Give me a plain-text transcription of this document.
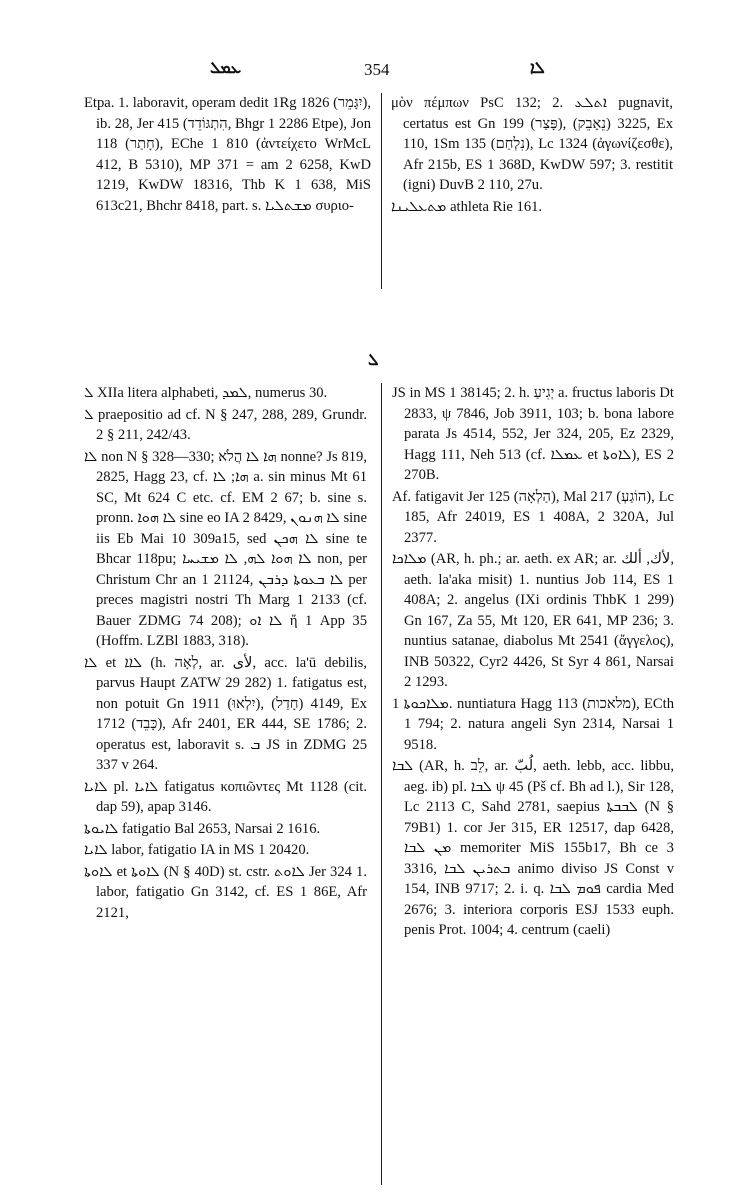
ܥܡܠ	354	ܠܐ

Etpa. 1. laboravit, operam dedit 1Rg 1826 (יִגָּמֵר), ib. 28, Jer 415 (הִתְגּוֹדֵד, Bhgr 1 2286 Etpe), Jon 118 (חָתַר), EChe 1 810 (ἀντείχετο WrMcL 412, B 5310), MP 371 = am 2 6258, KwD 1219, KwDW 18316, Thb K 1 638, MiS 613c21, Bhchr 8418, part. s. ܡܫܬܠܝܐ συριο-

μὸν πέμπων PsC 132; 2. ܐܬܠܥ pugnavit, certatus est Gn 199 (פָּצַר), 3225 (נֵאָבֵק), Ex 110, 1Sm 135 (נִלְחַם), Lc 1324 (ἀγωνίζεσθε), Afr 215b, ES 1 368D, KwDW 597; 3. restitit (igni) DuvB 2 110, 27u.

ܡܬܥܠܝܢܐ athleta Rie 161.

ܠ

ܠ XIIa litera alphabeti, ܠܡܕ, numerus 30.

ܠ praepositio ad cf. N § 247, 288, 289, Grundr. 2 § 211, 242/43.

ܠܐ non N § 328—330; ܗܐ ܠܐ הֲלֹא nonne? Js 819, 2825, Hagg 23, cf. ܗܐ; ܠܐ a. sin minus Mt 61 SC, Mt 624 C etc. cf. EM 2 67; b. sine s. pronn. ܠܐ ܗܘܐ sine eo IA 2 8429, ܠܐ ܗܢܘܢ sine iis Eb Mai 10 309a15, sed ܠܐ ܗܟܢ sine te Bhcar 118pu; ܠܐ ܗܘܐ ܠܗ, ܠܐ ܡܫܝܚܐ non, per Christum Chr an 1 21124, ܠܐ ܒܥܘܬܐ ܕܪܒܢ per preces magistri nostri Th Marg 1 2133 (cf. Bauer ZDMG 74 208); ܠܐ ܐܘ ἤ 1 App 35 (Hoffm. LZBl 1883, 318).

ܠܐ et ܠܐܐ (h. לְאָה, ar. لأى, acc. la'ū debilis, parvus Haupt ZATW 29 282) 1. fatigatus est, non potuit Gn 1911 (יִלְאוּ), 4149 (חָדַל), Ex 1712 (כָּבֵד), Afr 2401, ER 444, SE 1786; 2. operatus est, laboravit s. ܒ JS in ZDMG 25 337 v 264.

ܠܐܝܐ pl. ܠܐܝܐ fatigatus κοπιῶντες Mt 1128 (cit. dap 59), apap 3146.

ܠܐܝܘܬܐ fatigatio Bal 2653, Narsai 2 1616.

ܠܐܝܐ labor, fatigatio IA in MS 1 20420.

ܠܐܘܬܐ et ܠܐܘܬܐ (N § 40D) st. cstr. ܠܐܘܬ Jer 324 1. labor, fatigatio Gn 3142, cf. ES 1 86E, Afr 2121,

JS in MS 1 38145; 2. h. יְגִיעַ a. fructus laboris Dt 2833, ψ 7846, Job 3911, 103; b. bona labore parata Js 4514, 552, Jer 324, 205, Ez 2329, Hagg 111, Neh 513 (cf. ܥܡܠܐ et ܠܐܘܬܐ), ES 2 270B.

Af. fatigavit Jer 125 (הַלְאָה), Mal 217 (הוֹגַעְ), Lc 185, Afr 24019, ES 1 408A, 2 320A, Jul 2377.

ܡܠܐܟܐ (AR, h. ph.; ar. aeth. ex AR; ar. لأك, ألك, aeth. la'aka misit) 1. nuntius Job 114, ES 1 408A; 2. angelus (IXi ordinis ThbK 1 299) Gn 167, Za 55, Mt 120, ER 641, MP 236; 3. nuntius satanae, diabolus Mt 2541 (ἄγγελος), INB 50322, Cyr2 4426, St Syr 4 861, Narsai 2 1293.

ܡܠܐܟܘܬܐ 1. nuntiatura Hagg 113 (מלאכות), ECth 1 794; 2. natura angeli Syn 2314, Narsai 1 9518.

ܠܒܐ (AR, h. לֵב, ar. لُبّ, aeth. lebb, acc. libbu, aeg. ib) pl. ܠܒܐ ψ 45 (Pš cf. Bh ad l.), Sir 128, Lc 2113 C, Sahd 2781, saepius ܠܒܒܬܐ (N § 79B1) 1. cor Jer 315, ER 12517, dap 6428, ܡܢ ܠܒܐ memoriter MiS 155b17, Bh ce 3 3316, ܒܬܪܝܢ ܠܒܐ animo diviso JS Const v 154, INB 9717; 2. i. q. ܦܘܡ ܠܒܐ cardia Med 2676; 3. interiora corporis ESJ 1533 euph. penis Prot. 1004; 4. centrum (caeli)
